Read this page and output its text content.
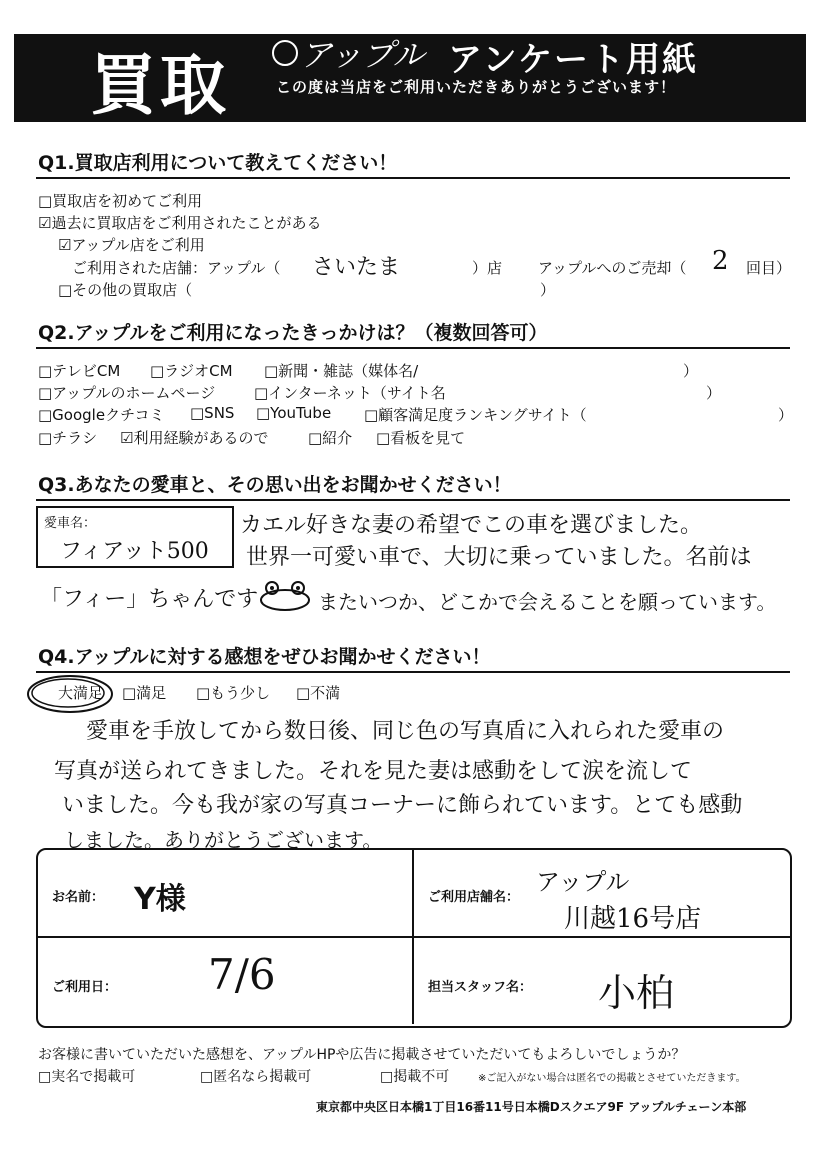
買取 アップル アンケート用紙
この度は当店をご利用いただきありがとうございます！
Q1.買取店利用について教えてください！
□買取店を初めてご利用
☑過去に買取店をご利用されたことがある
☑アップル店をご利用
ご利用された店舗：アップル（ さいたま	）店 アップルへのご売却（ 2 回目）
□その他の買取店（	）
Q2.アップルをご利用になったきっかけは？（複数回答可）
□テレビCM □ラジオCM □新聞・雑誌（媒体名/	）
□アップルのホームページ	□インターネット（サイト名	）
□Googleクチコミ □SNS □YouTube □顧客満足度ランキングサイト（	）
□チラシ ☑利用経験があるので	□紹介 □看板を見て
Q3.あなたの愛車と、その思い出をお聞かせください！
愛車名：
フィアット500
カエル好きな妻の希望でこの車を選びました。
世界一可愛い車で、大切に乗っていました。名前は
「フィー」ちゃんです	またいつか、どこかで会えることを願っています。
Q4.アップルに対する感想をぜひお聞かせください！
大満足 □満足 □もう少し □不満
愛車を手放してから数日後、同じ色の写真盾に入れられた愛車の
写真が送られてきました。それを見た妻は感動をして涙を流して
いました。今も我が家の写真コーナーに飾られています。とても感動
しました。ありがとうございます。
お名前： Y様	ご利用店舗名：
アップル
川越16号店
ご利用日： 7/6	担当スタッフ名： 小柏
お客様に書いていただいた感想を、アップルHPや広告に掲載させていただいてもよろしいでしょうか？
□実名で掲載可	□匿名なら掲載可	□掲載不可	※ご記入がない場合は匿名での掲載とさせていただきます。
東京都中央区日本橋1丁目16番11号日本橋Dスクエア9F アップルチェーン本部
